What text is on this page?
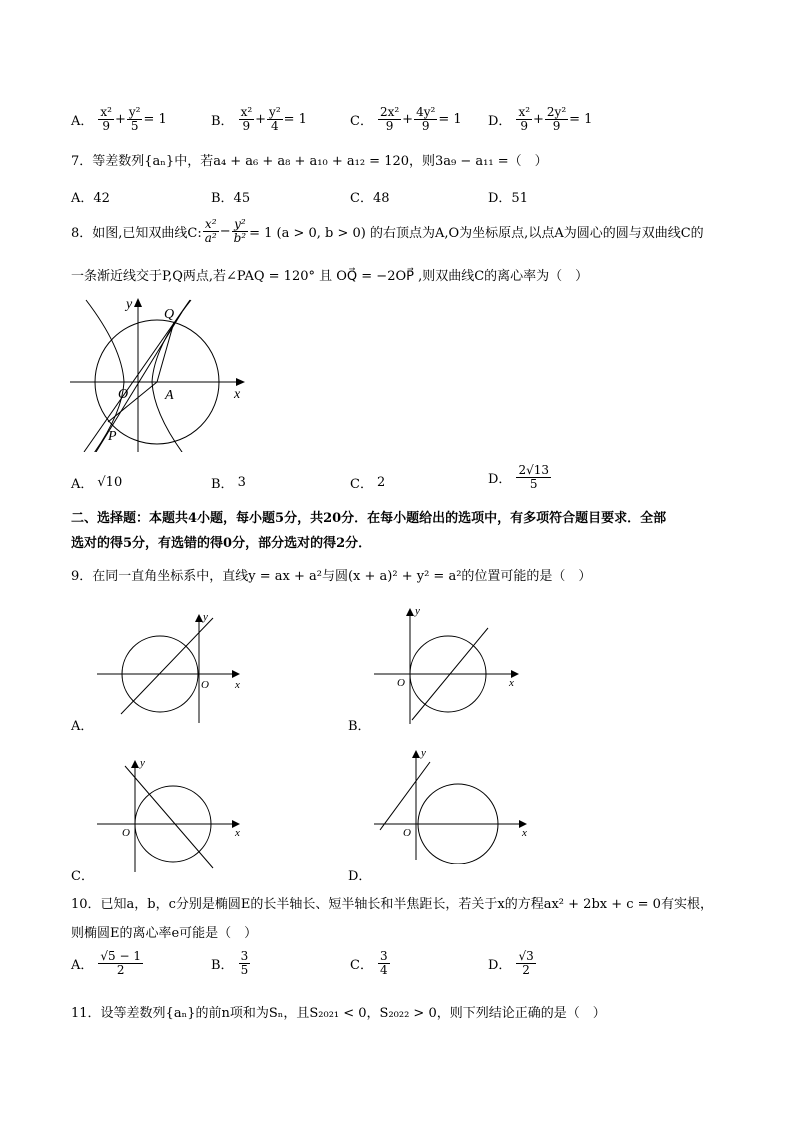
A． $\frac{\text{x²}}{9} + \frac{\text{y²}}{5} = 1$	B． $\frac{\text{x²}}{9} + \frac{\text{y²}}{4} = 1$	C． $\frac{\text{2x²}}{9} + \frac{\text{4y²}}{9} = 1$ D． $\frac{\text{x²}}{9} + \frac{\text{2y²}}{9} = 1$
7．等差数列{aₙ}中，若a₄ + a₆ + a₈ + a₁₀ + a₁₂ = 120，则3a₉ − a₁₁ =（　）
A．42	B．45	C．48	D．51
8．如图,已知双曲线C: $\frac{\text{x²}}{\text{a²}} - \frac{\text{y²}}{\text{b²}} = 1$ (a > 0, b > 0) 的右顶点为A,O为坐标原点,以点A为圆心的圆与双曲线C的
一条渐近线交于P,Q两点,若∠PAQ = 120° 且 OQ⃗ = −2OP⃗ ,则双曲线C的离心率为（　）
Q
y
x
O	A
P
A． √10	B． 3	C． 2	D． $\frac{2√13}{5}$
二、选择题：本题共4小题，每小题5分，共20分．在每小题给出的选项中，有多项符合题目要求．全部
选对的得5分，有选错的得0分，部分选对的得2分．
9．在同一直角坐标系中，直线y = ax + a²与圆(x + a)² + y² = a²的位置可能的是（　）
y
x
O
A．
y
x
O
B．
y
x
O
C．
y
x
O
D．
10．已知a，b，c分别是椭圆E的长半轴长、短半轴长和半焦距长，若关于x的方程ax² + 2bx + c = 0有实根，
则椭圆E的离心率e可能是（　）
A． $\frac{√5 - 1}{2}$	B． $\frac{3}{5}$	C． $\frac{3}{4}$	D． $\frac{√3}{2}$
11．设等差数列{aₙ}的前n项和为Sₙ，且S₂₀₂₁ < 0，S₂₀₂₂ > 0，则下列结论正确的是（　）
